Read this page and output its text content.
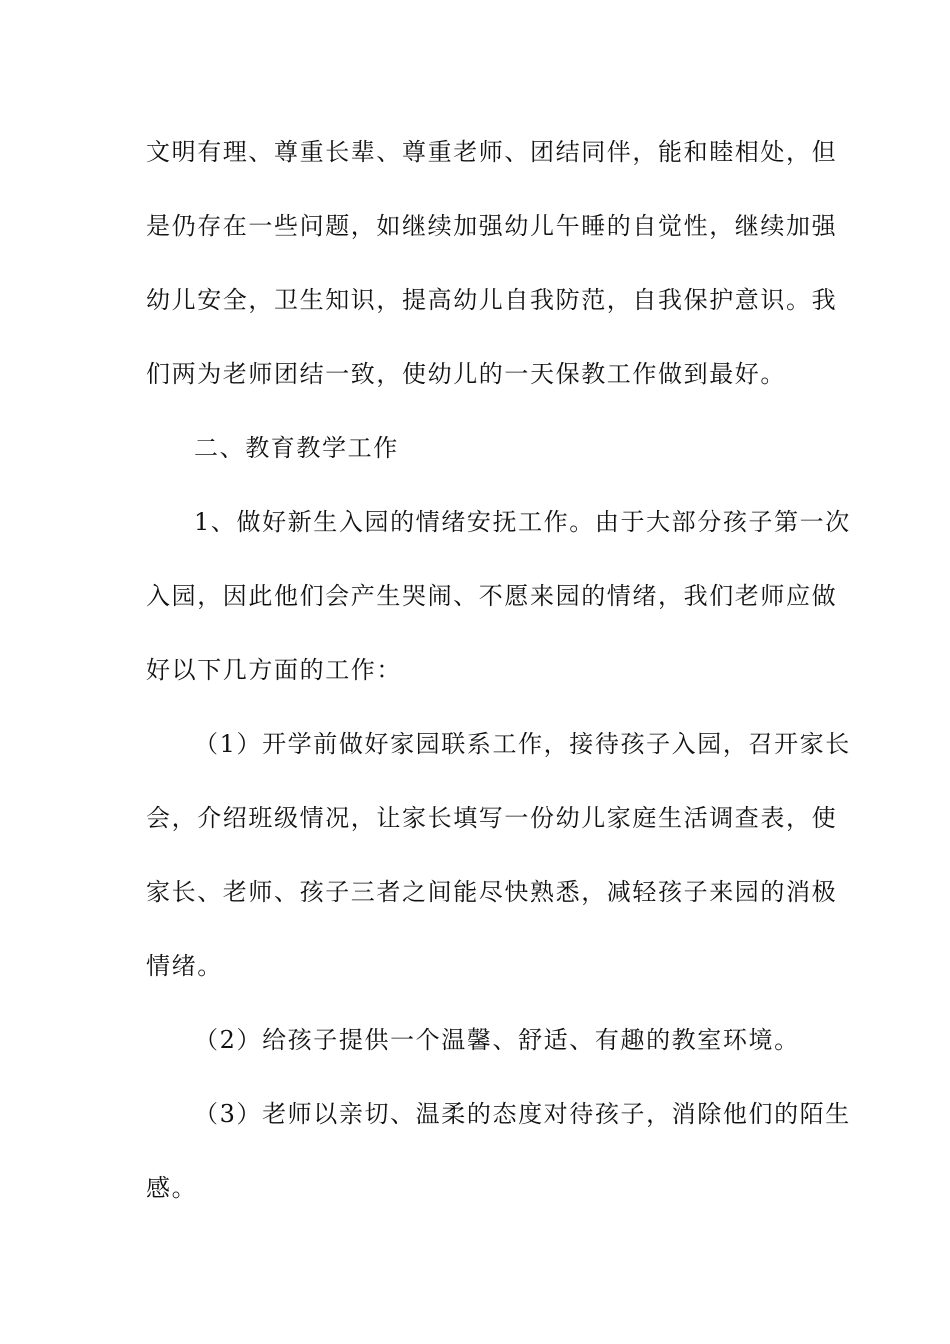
文明有理、尊重长辈、尊重老师、团结同伴，能和睦相处，但
是仍存在一些问题，如继续加强幼儿午睡的自觉性，继续加强
幼儿安全，卫生知识，提高幼儿自我防范，自我保护意识。我
们两为老师团结一致，使幼儿的一天保教工作做到最好。
二、教育教学工作
1、做好新生入园的情绪安抚工作。由于大部分孩子第一次
入园，因此他们会产生哭闹、不愿来园的情绪，我们老师应做
好以下几方面的工作：
（1）开学前做好家园联系工作，接待孩子入园，召开家长
会，介绍班级情况，让家长填写一份幼儿家庭生活调查表，使
家长、老师、孩子三者之间能尽快熟悉，减轻孩子来园的消极
情绪。
（2）给孩子提供一个温馨、舒适、有趣的教室环境。
（3）老师以亲切、温柔的态度对待孩子，消除他们的陌生
感。
